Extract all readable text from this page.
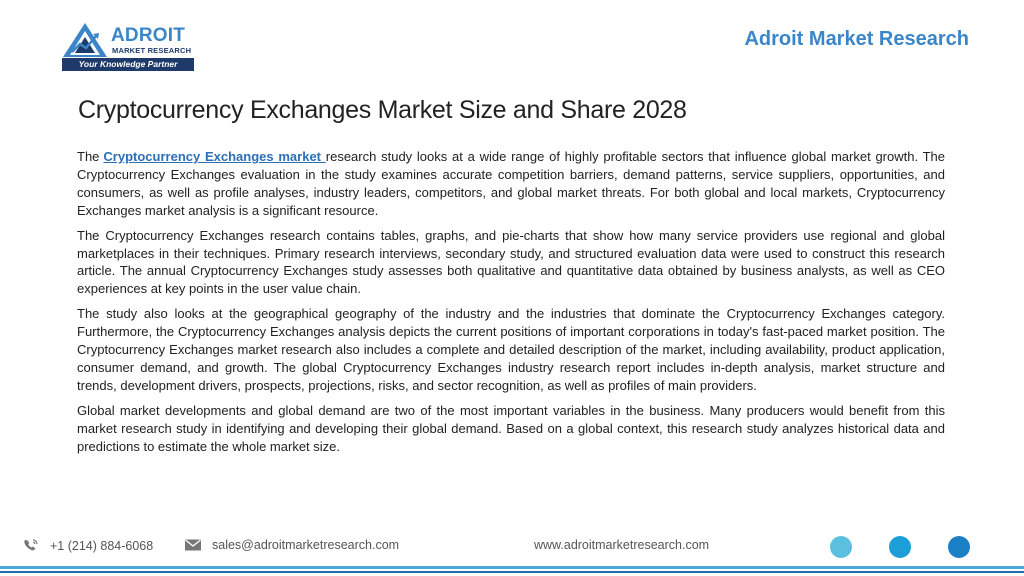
ADROIT
MARKET RESEARCH
Your Knowledge Partner
Adroit Market Research
Cryptocurrency Exchanges Market Size and Share 2028

The Cryptocurrency Exchanges market research study looks at a wide range of highly profitable sectors that influence global market growth. The Cryptocurrency Exchanges evaluation in the study examines accurate competition barriers, demand patterns, service suppliers, opportunities, and consumers, as well as profile analyses, industry leaders, competitors, and global market threats. For both global and local markets, Cryptocurrency Exchanges market analysis is a significant resource.

The Cryptocurrency Exchanges research contains tables, graphs, and pie-charts that show how many service providers use regional and global marketplaces in their techniques. Primary research interviews, secondary study, and structured evaluation data were used to construct this research article. The annual Cryptocurrency Exchanges study assesses both qualitative and quantitative data obtained by business analysts, as well as CEO experiences at key points in the user value chain.

The study also looks at the geographical geography of the industry and the industries that dominate the Cryptocurrency Exchanges category. Furthermore, the Cryptocurrency Exchanges analysis depicts the current positions of important corporations in today's fast-paced market position. The Cryptocurrency Exchanges market research also includes a complete and detailed description of the market, including availability, product application, consumer demand, and growth. The global Cryptocurrency Exchanges industry research report includes in-depth analysis, market structure and trends, development drivers, prospects, projections, risks, and sector recognition, as well as profiles of main providers.

Global market developments and global demand are two of the most important variables in the business. Many producers would benefit from this market research study in identifying and developing their global demand. Based on a global context, this research study analyzes historical data and predictions to estimate the whole market size.

+1 (214) 884-6068	sales@adroitmarketresearch.com	www.adroitmarketresearch.com
